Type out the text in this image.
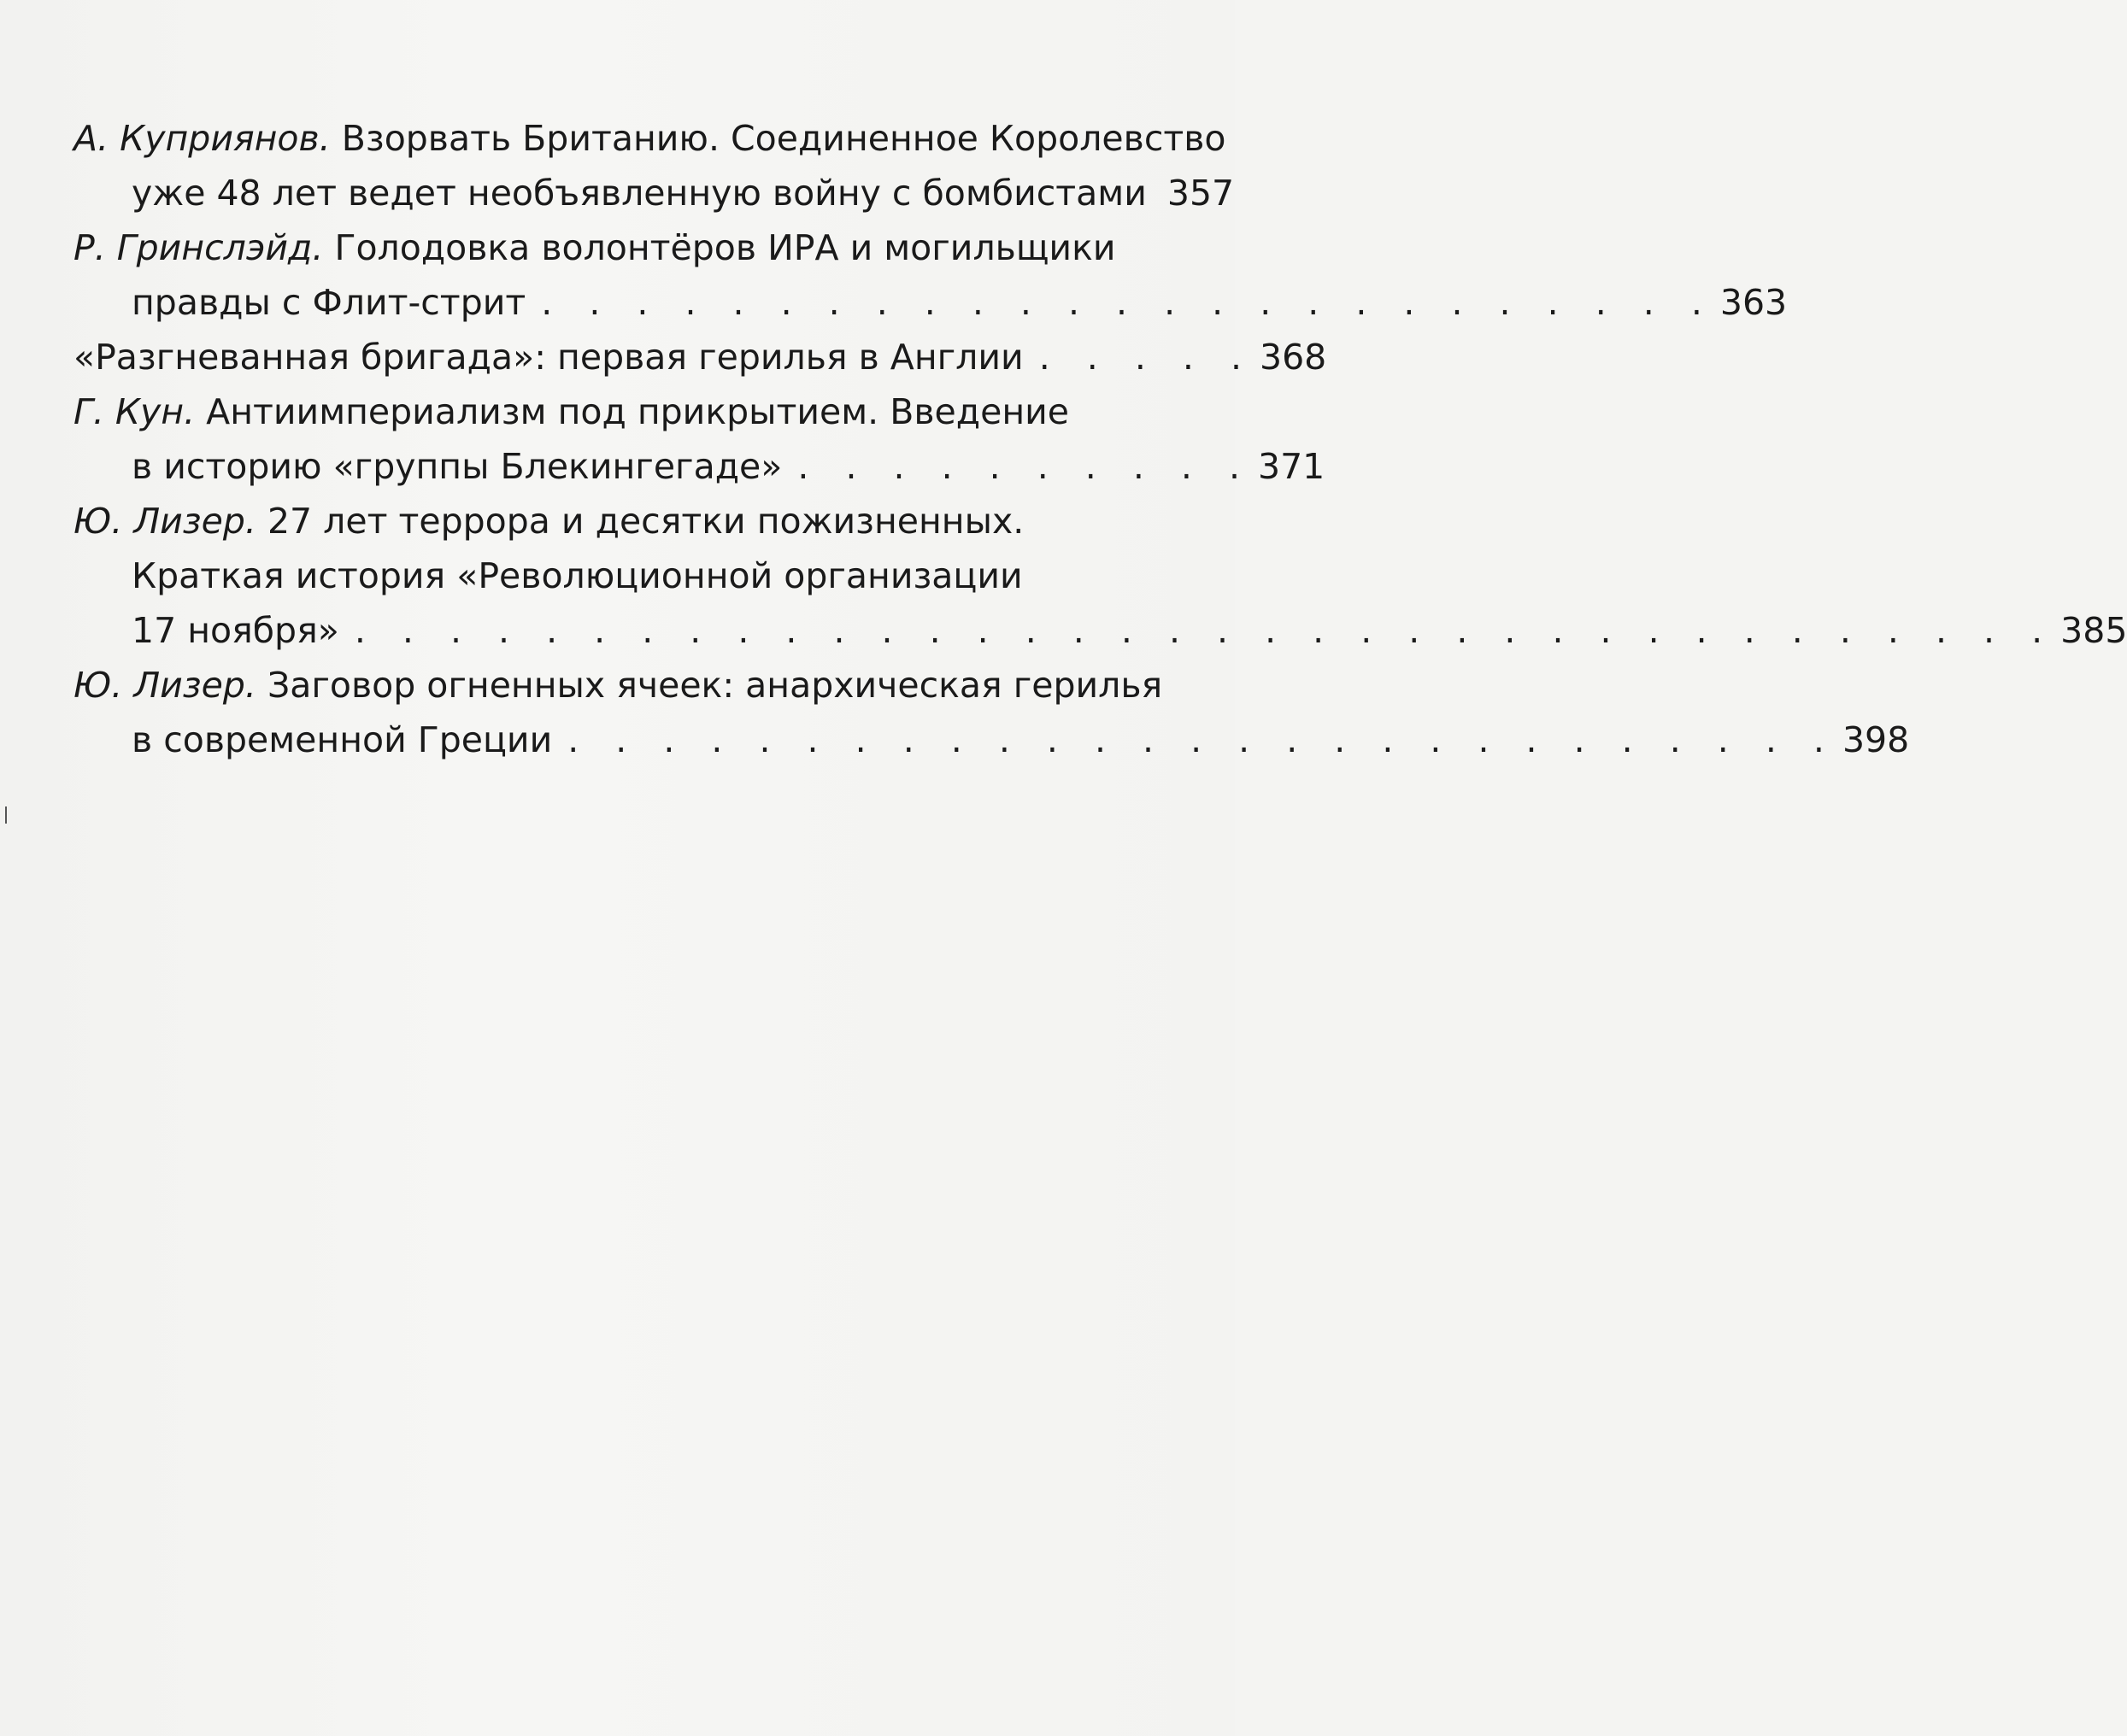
А. Куприянов. Взорвать Британию. Соединенное Королевство
уже 48 лет ведет необъявленную войну с бомбистами 357
Р. Гринслэйд. Голодовка волонтёров ИРА и могильщики
правды с Флит-стрит . . . . . . . . . . . . . . . . . . . . . . . . . 363
«Разгневанная бригада»: первая герилья в Англии . . . . . 368
Г. Кун. Антиимпериализм под прикрытием. Введение
в историю «группы Блекингегаде» . . . . . . . . . . 371
Ю. Лизер. 27 лет террора и десятки пожизненных.
Краткая история «Революционной организации
17 ноября» . . . . . . . . . . . . . . . . . . . . . . . . . . . . . . . . . . . . 385
Ю. Лизер. Заговор огненных ячеек: анархическая герилья
в современной Греции . . . . . . . . . . . . . . . . . . . . . . . . . . . 398
